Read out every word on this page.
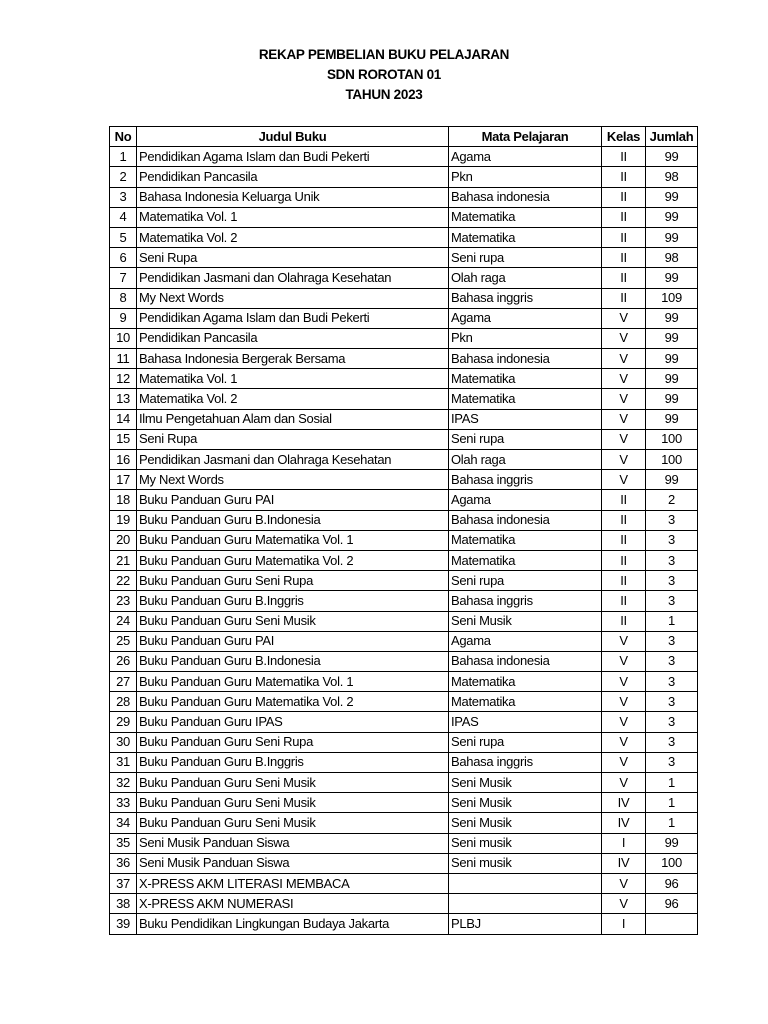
REKAP PEMBELIAN BUKU PELAJARAN
SDN ROROTAN 01
TAHUN 2023
No	Judul Buku	Mata Pelajaran	Kelas	Jumlah
1	Pendidikan Agama Islam dan Budi Pekerti	Agama	II	99
2	Pendidikan Pancasila	Pkn	II	98
3	Bahasa Indonesia Keluarga Unik	Bahasa indonesia	II	99
4	Matematika Vol. 1	Matematika	II	99
5	Matematika Vol. 2	Matematika	II	99
6	Seni Rupa	Seni rupa	II	98
7	Pendidikan Jasmani dan Olahraga Kesehatan	Olah raga	II	99
8	My Next Words	Bahasa inggris	II	109
9	Pendidikan Agama Islam dan Budi Pekerti	Agama	V	99
10	Pendidikan Pancasila	Pkn	V	99
11	Bahasa Indonesia Bergerak Bersama	Bahasa indonesia	V	99
12	Matematika Vol. 1	Matematika	V	99
13	Matematika Vol. 2	Matematika	V	99
14	Ilmu Pengetahuan Alam dan Sosial	IPAS	V	99
15	Seni Rupa	Seni rupa	V	100
16	Pendidikan Jasmani dan Olahraga Kesehatan	Olah raga	V	100
17	My Next Words	Bahasa inggris	V	99
18	Buku Panduan Guru PAI	Agama	II	2
19	Buku Panduan Guru B.Indonesia	Bahasa indonesia	II	3
20	Buku Panduan Guru Matematika Vol. 1	Matematika	II	3
21	Buku Panduan Guru Matematika Vol. 2	Matematika	II	3
22	Buku Panduan Guru Seni Rupa	Seni rupa	II	3
23	Buku Panduan Guru B.Inggris	Bahasa inggris	II	3
24	Buku Panduan Guru Seni Musik	Seni Musik	II	1
25	Buku Panduan Guru PAI	Agama	V	3
26	Buku Panduan Guru B.Indonesia	Bahasa indonesia	V	3
27	Buku Panduan Guru Matematika Vol. 1	Matematika	V	3
28	Buku Panduan Guru Matematika Vol. 2	Matematika	V	3
29	Buku Panduan Guru IPAS	IPAS	V	3
30	Buku Panduan Guru Seni Rupa	Seni rupa	V	3
31	Buku Panduan Guru B.Inggris	Bahasa inggris	V	3
32	Buku Panduan Guru Seni Musik	Seni Musik	V	1
33	Buku Panduan Guru Seni Musik	Seni Musik	IV	1
34	Buku Panduan Guru Seni Musik	Seni Musik	IV	1
35	Seni Musik Panduan Siswa	Seni musik	I	99
36	Seni Musik Panduan Siswa	Seni musik	IV	100
37	X-PRESS AKM LITERASI MEMBACA		V	96
38	X-PRESS AKM NUMERASI		V	96
39	Buku Pendidikan Lingkungan Budaya Jakarta	PLBJ	I	
